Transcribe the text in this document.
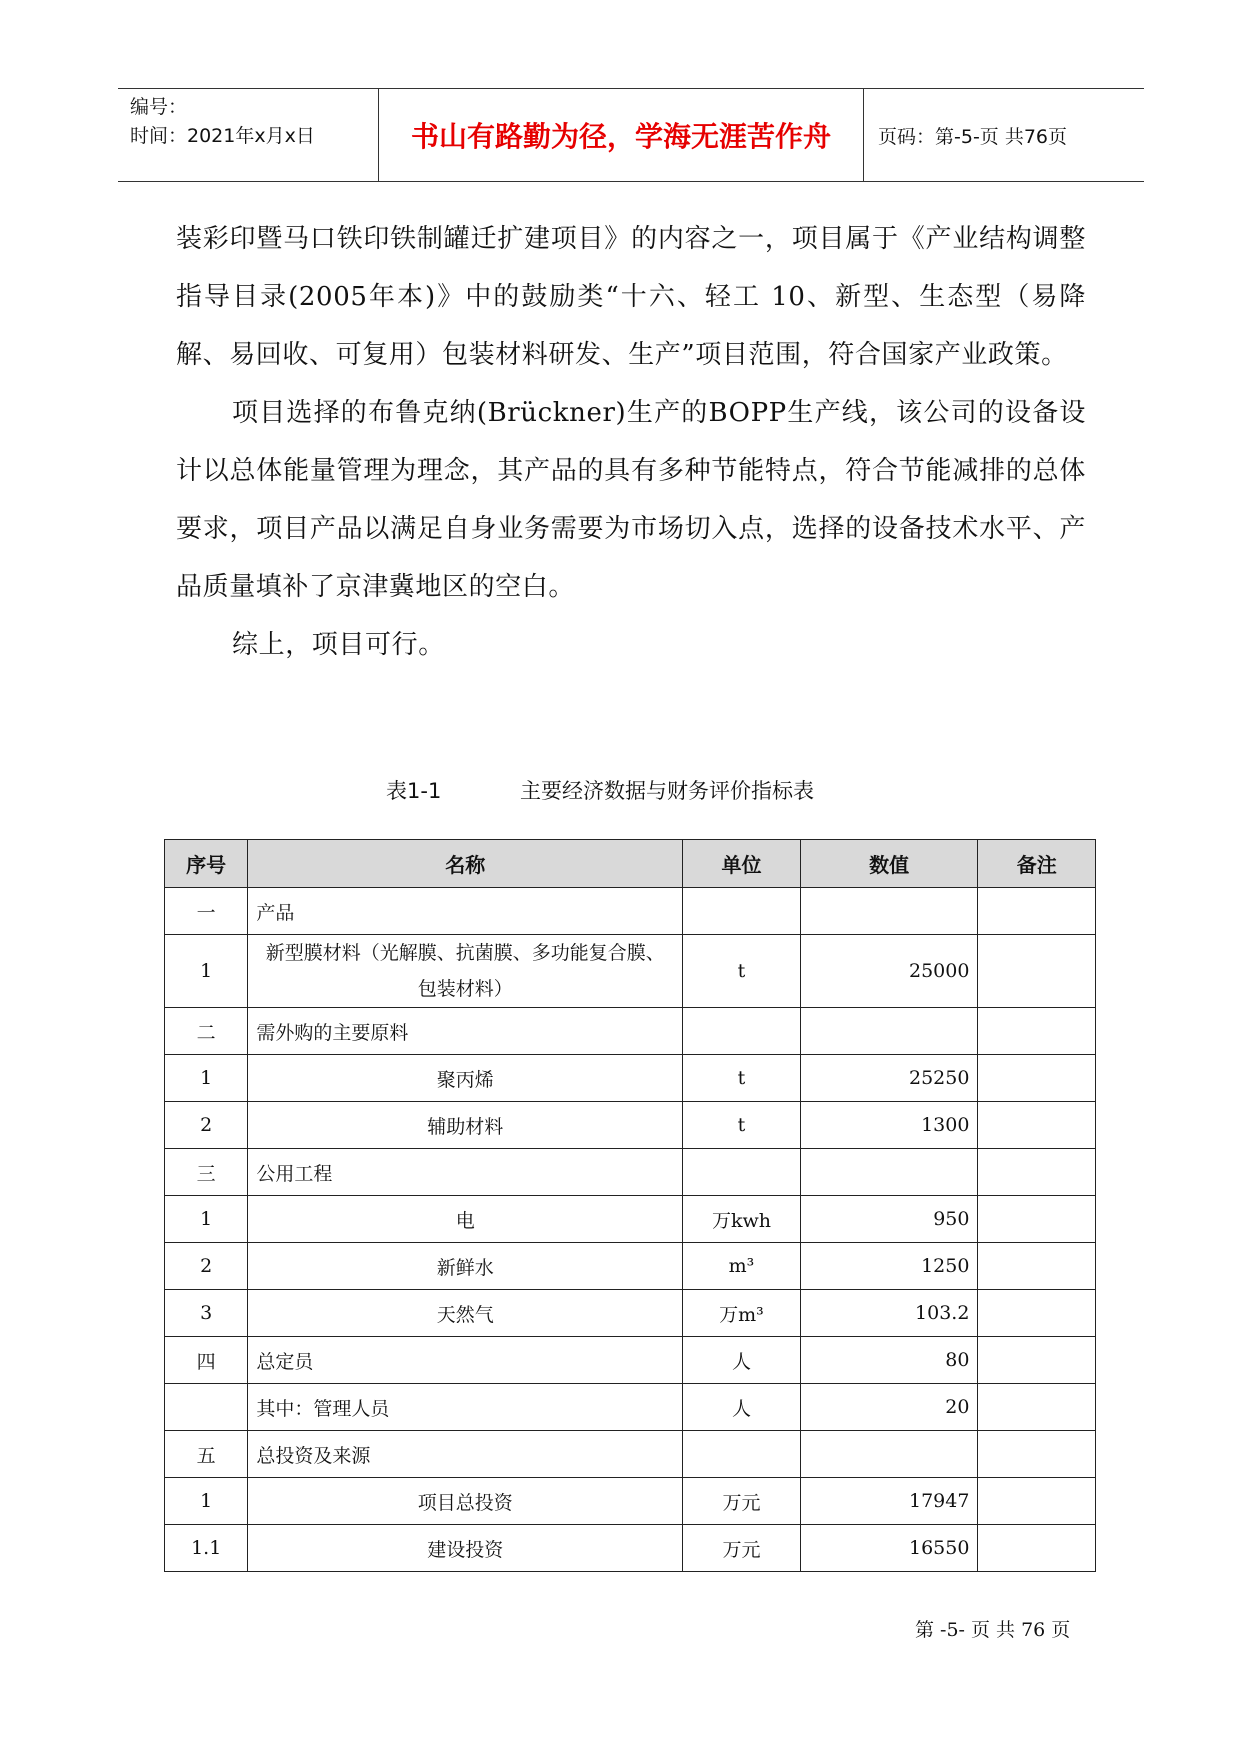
编号：
时间：2021年x月x日	书山有路勤为径，学海无涯苦作舟	页码：第-5-页 共76页

装彩印暨马口铁印铁制罐迁扩建项目》的内容之一，项目属于《产业结构调整指导目录(2005年本)》中的鼓励类“十六、轻工 10、新型、生态型（易降解、易回收、可复用）包装材料研发、生产”项目范围，符合国家产业政策。

项目选择的布鲁克纳(Brückner)生产的BOPP生产线，该公司的设备设计以总体能量管理为理念，其产品的具有多种节能特点，符合节能减排的总体要求，项目产品以满足自身业务需要为市场切入点，选择的设备技术水平、产品质量填补了京津冀地区的空白。

综上，项目可行。

表1-1	主要经济数据与财务评价指标表
序号	名称	单位	数值	备注
一	产品			
1	新型膜材料（光解膜、抗菌膜、多功能复合膜、包装材料）	t	25000	
二	需外购的主要原料			
1	聚丙烯	t	25250	
2	辅助材料	t	1300	
三	公用工程			
1	电	万kwh	950	
2	新鲜水	m³	1250	
3	天然气	万m³	103.2	
四	总定员	人	80	
	其中：管理人员	人	20	
五	总投资及来源			
1	项目总投资	万元	17947	
1.1	建设投资	万元	16550	
第 -5- 页 共 76 页
